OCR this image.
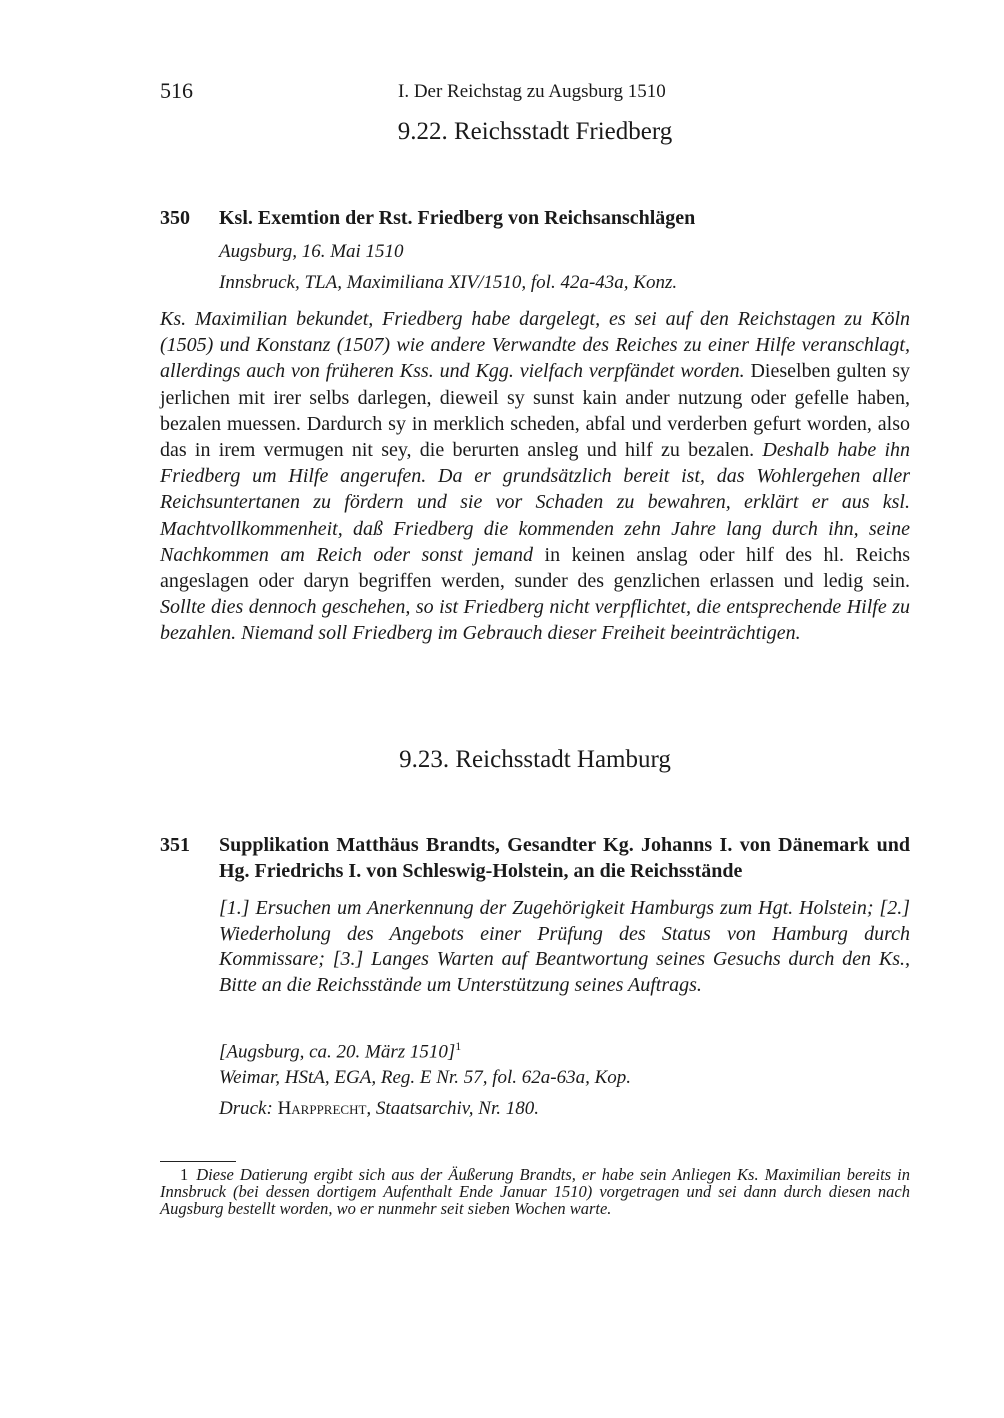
516	I. Der Reichstag zu Augsburg 1510
9.22. Reichsstadt Friedberg
350 Ksl. Exemtion der Rst. Friedberg von Reichsanschlägen
Augsburg, 16. Mai 1510
Innsbruck, TLA, Maximiliana XIV/1510, fol. 42a-43a, Konz.
Ks. Maximilian bekundet, Friedberg habe dargelegt, es sei auf den Reichstagen zu Köln (1505) und Konstanz (1507) wie andere Verwandte des Reiches zu einer Hilfe veranschlagt, allerdings auch von früheren Kss. und Kgg. vielfach verpfändet worden. Dieselben gulten sy jerlichen mit irer selbs darlegen, dieweil sy sunst kain ander nutzung oder gefelle haben, bezalen muessen. Dardurch sy in merklich scheden, abfal und verderben gefurt worden, also das in irem vermugen nit sey, die berurten ansleg und hilf zu bezalen. Deshalb habe ihn Friedberg um Hilfe angerufen. Da er grundsätzlich bereit ist, das Wohlergehen aller Reichsuntertanen zu fördern und sie vor Schaden zu bewahren, erklärt er aus ksl. Machtvollkommenheit, daß Friedberg die kommenden zehn Jahre lang durch ihn, seine Nachkommen am Reich oder sonst jemand in keinen anslag oder hilf des hl. Reichs angeslagen oder daryn begriffen werden, sunder des genzlichen erlassen und ledig sein. Sollte dies dennoch geschehen, so ist Friedberg nicht verpflichtet, die entsprechende Hilfe zu bezahlen. Niemand soll Friedberg im Gebrauch dieser Freiheit beeinträchtigen.
9.23. Reichsstadt Hamburg
351 Supplikation Matthäus Brandts, Gesandter Kg. Johanns I. von Dänemark und Hg. Friedrichs I. von Schleswig-Holstein, an die Reichsstände
[1.] Ersuchen um Anerkennung der Zugehörigkeit Hamburgs zum Hgt. Holstein; [2.] Wiederholung des Angebots einer Prüfung des Status von Hamburg durch Kommissare; [3.] Langes Warten auf Beantwortung seines Gesuchs durch den Ks., Bitte an die Reichsstände um Unterstützung seines Auftrags.
[Augsburg, ca. 20. März 1510]$^1$
Weimar, HStA, EGA, Reg. E Nr. 57, fol. 62a-63a, Kop.
Druck: Harpprecht, Staatsarchiv, Nr. 180.
1 Diese Datierung ergibt sich aus der Äußerung Brandts, er habe sein Anliegen Ks. Maximilian bereits in Innsbruck (bei dessen dortigem Aufenthalt Ende Januar 1510) vorgetragen und sei dann durch diesen nach Augsburg bestellt worden, wo er nunmehr seit sieben Wochen warte.
